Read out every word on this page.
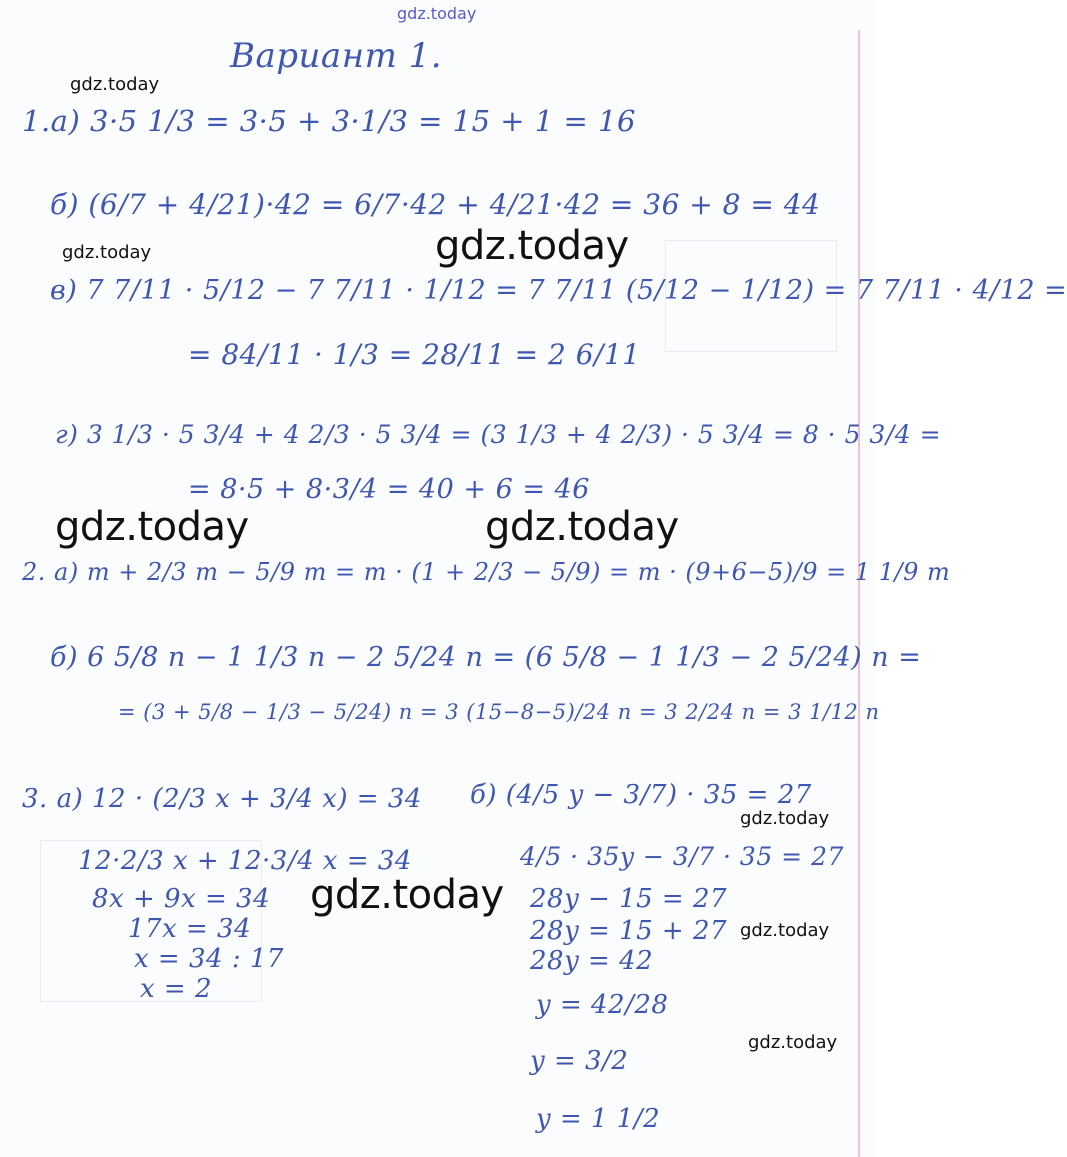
gdz.today
Вариант 1.
1.а) 3·5 1/3 = 3·5 + 3·1/3 = 15 + 1 = 16
б) (6/7 + 4/21)·42 = 6/7·42 + 4/21·42 = 36 + 8 = 44
в) 7 7/11 · 5/12 − 7 7/11 · 1/12 = 7 7/11 (5/12 − 1/12) = 7 7/11 · 4/12 =
= 84/11 · 1/3 = 28/11 = 2 6/11
г) 3 1/3 · 5 3/4 + 4 2/3 · 5 3/4 = (3 1/3 + 4 2/3) · 5 3/4 = 8 · 5 3/4 =
= 8·5 + 8·3/4 = 40 + 6 = 46
2. а) m + 2/3 m − 5/9 m = m · (1 + 2/3 − 5/9) = m · (9+6−5)/9 = 1 1/9 m
б) 6 5/8 n − 1 1/3 n − 2 5/24 n = (6 5/8 − 1 1/3 − 2 5/24) n =
= (3 + 5/8 − 1/3 − 5/24) n = 3 (15−8−5)/24 n = 3 2/24 n = 3 1/12 n
3. а) 12 · (2/3 x + 3/4 x) = 34
12·2/3 x + 12·3/4 x = 34
8x + 9x = 34
17x = 34
x = 34 : 17
x = 2
б) (4/5 y − 3/7) · 35 = 27
4/5 · 35y − 3/7 · 35 = 27
28y − 15 = 27
28y = 15 + 27
28y = 42
y = 42/28
y = 3/2
y = 1 1/2
gdz.today
gdz.today	gdz.today
gdz.today	gdz.today
gdz.today
gdz.today
gdz.today
gdz.today
